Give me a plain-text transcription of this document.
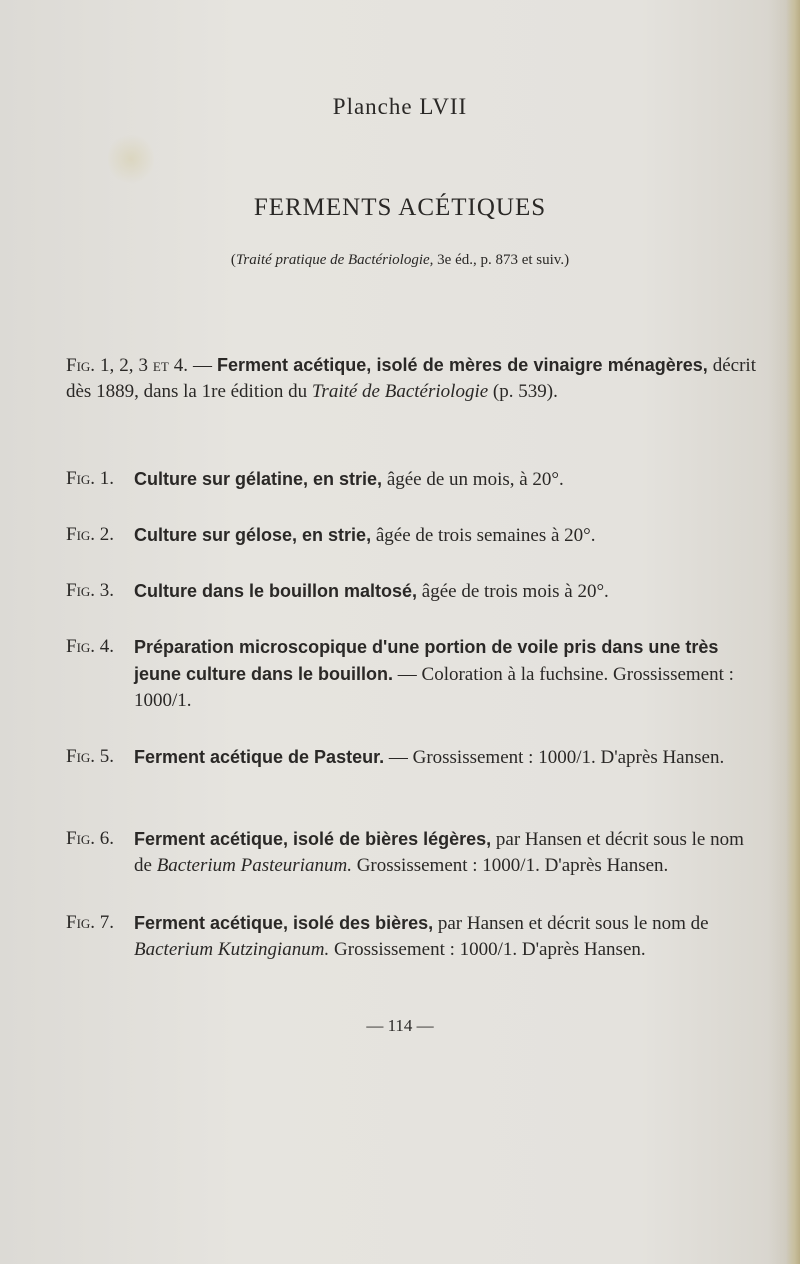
Planche LVII
FERMENTS ACÉTIQUES
(Traité pratique de Bactériologie, 3e éd., p. 873 et suiv.)
Fig. 1, 2, 3 et 4. — Ferment acétique, isolé de mères de vinaigre ménagères, décrit dès 1889, dans la 1re édition du Traité de Bactériologie (p. 539).
Fig. 1. Culture sur gélatine, en strie, âgée de un mois, à 20°.
Fig. 2. Culture sur gélose, en strie, âgée de trois semaines à 20°.
Fig. 3. Culture dans le bouillon maltosé, âgée de trois mois à 20°.
Fig. 4. Préparation microscopique d'une portion de voile pris dans une très jeune culture dans le bouillon. — Coloration à la fuchsine. Grossissement : 1000/1.
Fig. 5. Ferment acétique de Pasteur. — Grossissement : 1000/1. D'après Hansen.
Fig. 6. Ferment acétique, isolé de bières légères, par Hansen et décrit sous le nom de Bacterium Pasteurianum. Grossissement : 1000/1. D'après Hansen.
Fig. 7. Ferment acétique, isolé des bières, par Hansen et décrit sous le nom de Bacterium Kutzingianum. Grossissement : 1000/1. D'après Hansen.
— 114 —
